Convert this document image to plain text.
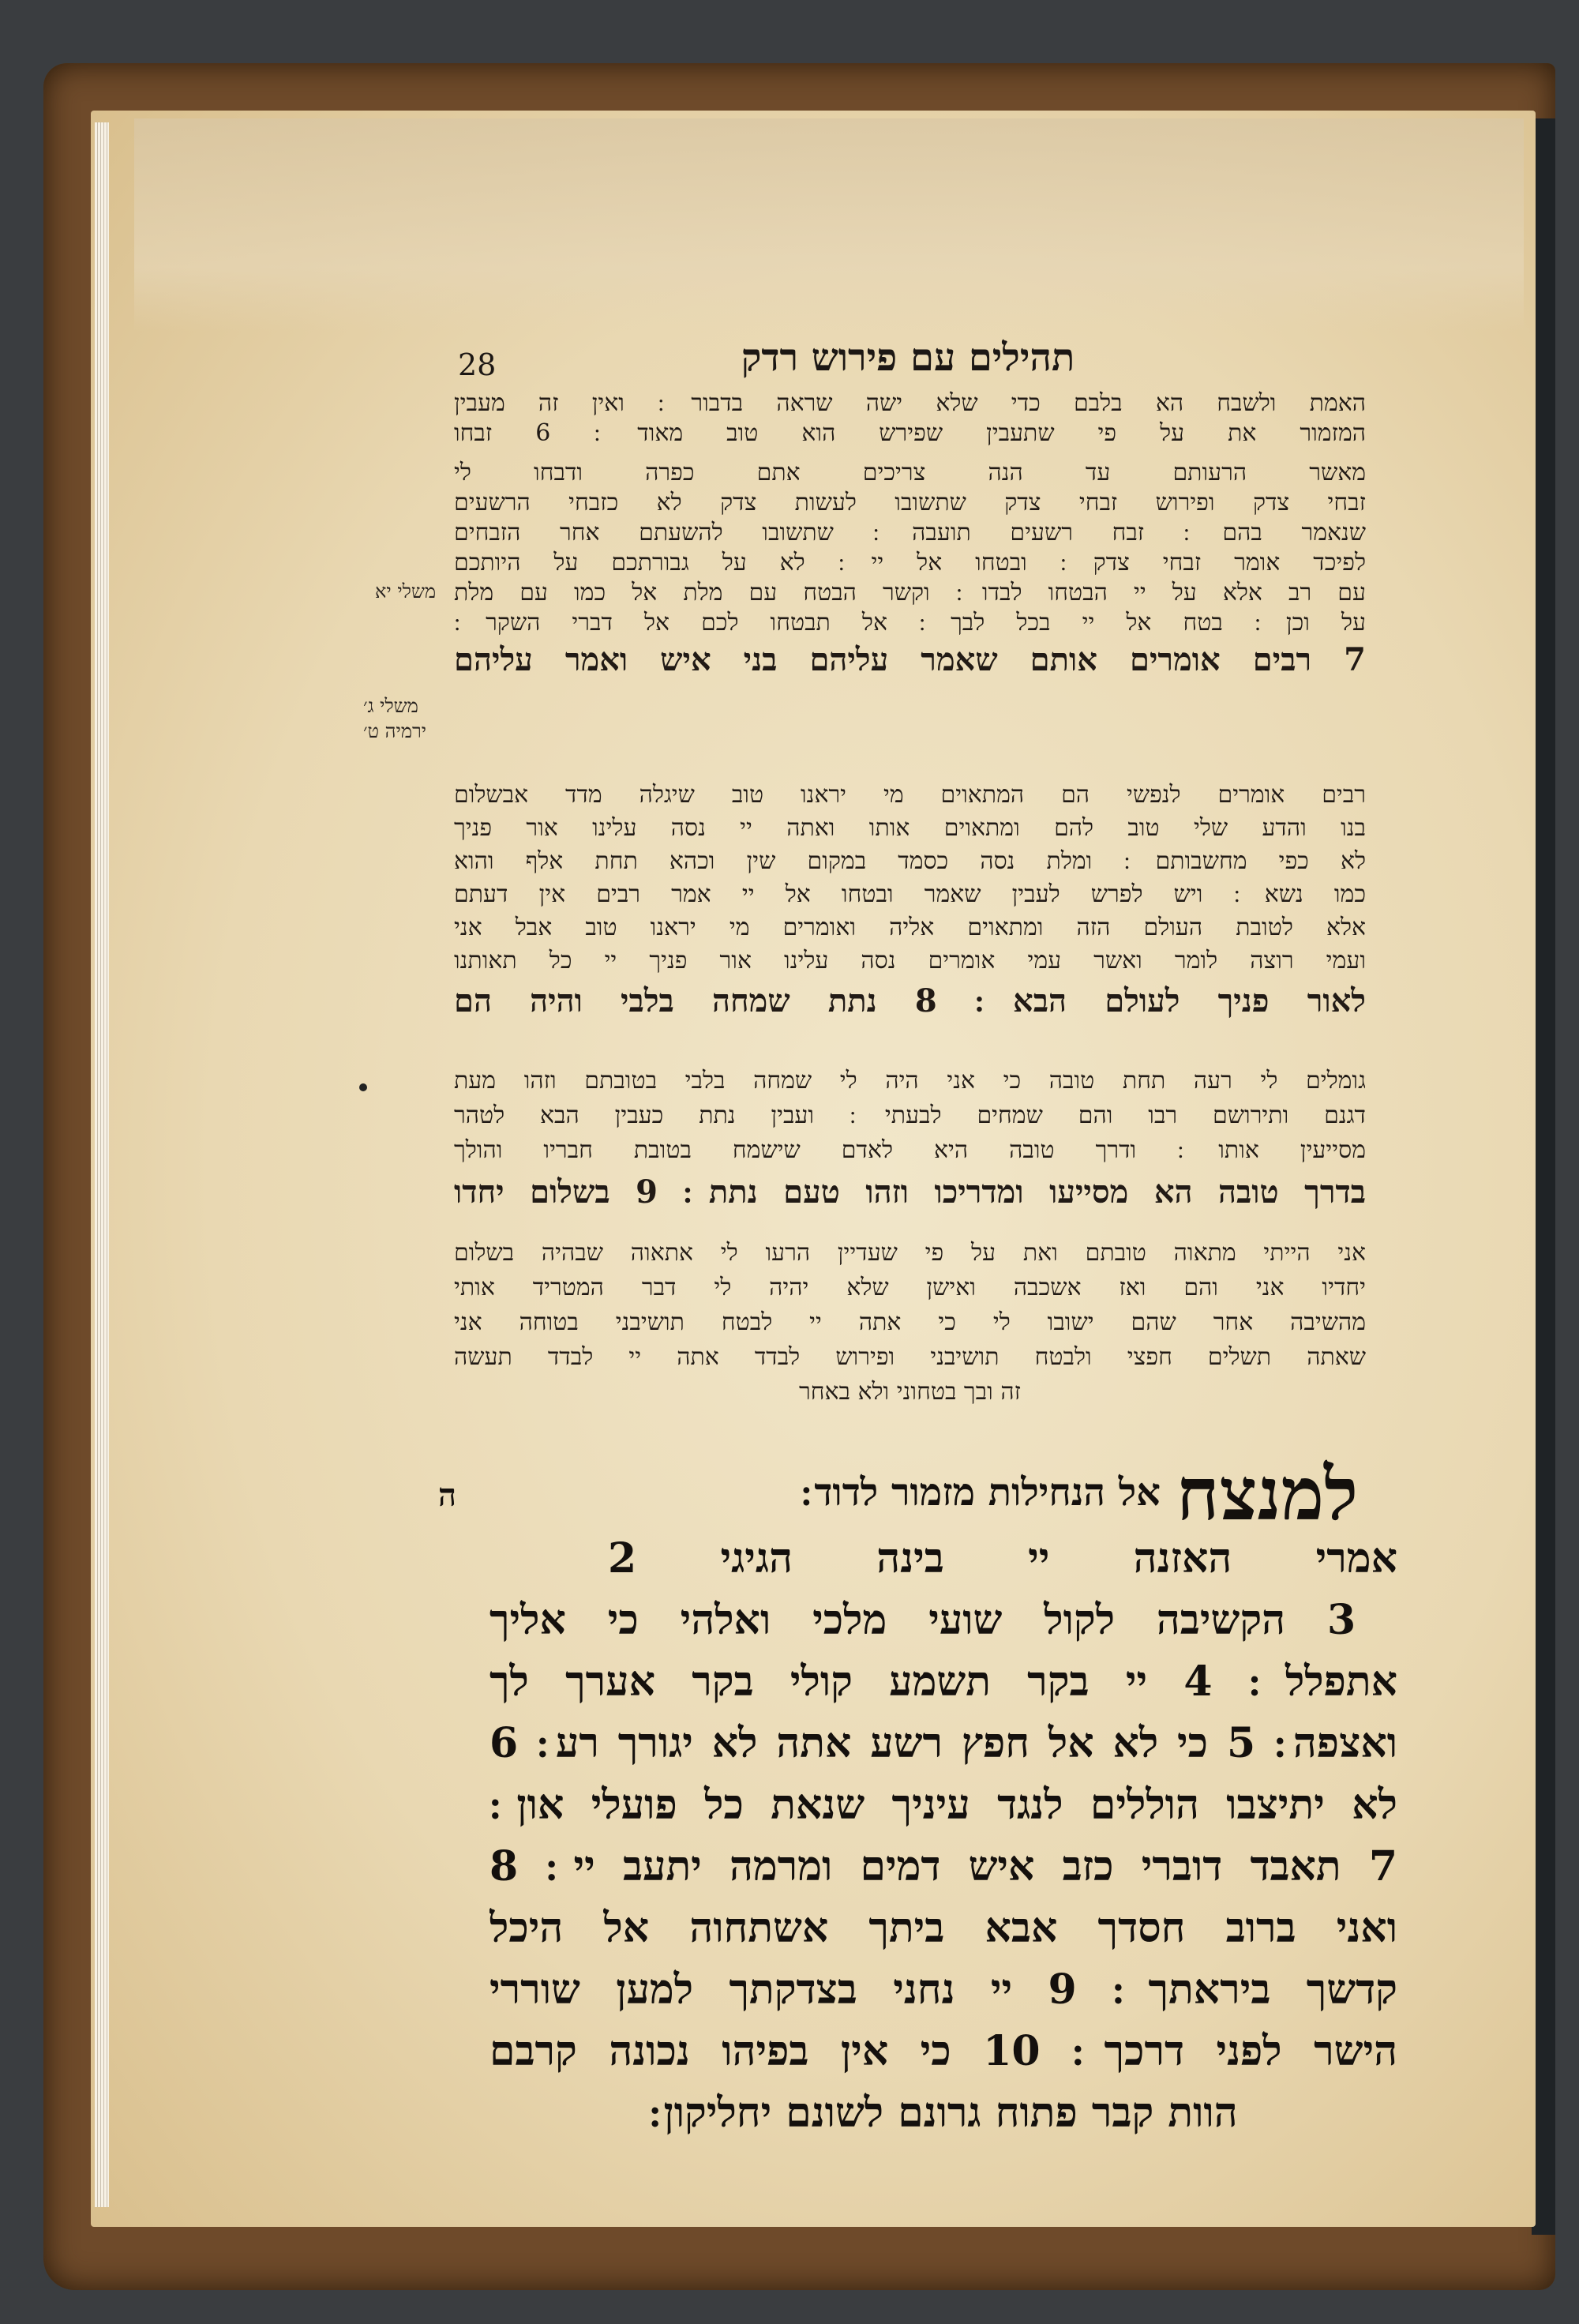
28	תהילים עם פירוש רדק
האמת ולשבח הא בלבם כדי שלא ישה שראה בדבור ׃ ואין זה מעבין
המזמור את על פי שתעבין שפירש הוא טוב מאוד ׃ 6 זבחו
מאשר הרעותם עד הנה צריכים אתם כפרה ודבחו לי
זבחי צדק ופירוש זבחי צדק שתשובו לעשות צדק לא כזבחי הרשעים
שנאמר בהם ׃ זבח רשעים תועבה ׃ שתשובו להשעתם אחר הזבחים
לפיכד אומר זבחי צדק ׃ ובטחו אל יי ׃ לא על גבורתכם על היותכם
עם רב אלא על יי הבטחו לבדו ׃ וקשר הבטח עם מלת אל כמו עם מלת
על וכן ׃ בטח אל יי בכל לבך ׃ אל תבטחו לכם אל דברי השקר ׃
7 רבים אומרים אותם שאמר עליהם בני איש ואמר עליהם
רבים אומרים לנפשי הם המתאוים מי יראנו טוב שיגלה מדד אבשלום
בנו והדע שלי טוב להם ומתאוים אותו ואתה יי נסה עלינו אור פניך
לא כפי מחשבותם ׃ ומלת נסה כסמד במקום שין וכהא תחת אלף והוא
כמו נשא ׃ ויש לפרש לעבין שאמר ובטחו אל יי אמר רבים אין דעתם
אלא לטובת העולם הזה ומתאוים אליה ואומרים מי יראנו טוב אבל אני
ועמי רוצה לומר ואשר עמי אומרים נסה עלינו אור פניך יי כל תאותנו
לאור פניך לעולם הבא ׃ 8 נתת שמחה בלבי והיה הם
גומלים לי רעה תחת טובה כי אני היה לי שמחה בלבי בטובתם וזהו מעת
דגנם ותירושם רבו והם שמחים לבעתי ׃ ועבין נתת כעבין הבא לטהר
מסייעין אותו ׃ ודרך טובה היא לאדם שישמח בטובת חבריו והולך
בדרך טובה הא מסייעו ומדריכו וזהו טעם נתת ׃ 9 בשלום יחדו
אני הייתי מתאוה טובתם ואת על פי שעדיין הרעו לי אתאוה שבהיה בשלום
יחדיו אני והם ואז אשכבה ואישן שלא יהיה לי דבר המטריד אותי
מהשיבה אחר שהם ישובו לי כי אתה יי לבטח תושיבני בטוחה אני
שאתה תשלים חפצי ולבטח תושיבני ופירוש לבדד אתה יי לבדד תעשה
זה ובך בטחוני ולא באחר
משלי יא
משלי ג׳
ירמיה ט׳
למנצח
אל הנחילות מזמור לדוד ׃
ה
אמרי האזנה יי בינה הגיגי 2
׃ 3 הקשיבה לקול שועי מלכי ואלהי כי אליך
אתפלל ׃ 4 יי בקר תשמע קולי בקר אערך לך
ואצפה ׃ 5 כי לא אל חפץ רשע אתה לא יגורך רע ׃ 6
לא יתיצבו הוללים לנגד עיניך שנאת כל פועלי און ׃
7 תאבד דוברי כזב איש דמים ומרמה יתעב יי ׃ 8
ואני ברוב חסדך אבא ביתך אשתחוה אל היכל
קדשך ביראתך ׃ 9 יי נחני בצדקתך למען שוררי
הישר לפני דרכך ׃ 10 כי אין בפיהו נכונה קרבם
הוות קבר פתוח גרונם לשונם יחליקון ׃
